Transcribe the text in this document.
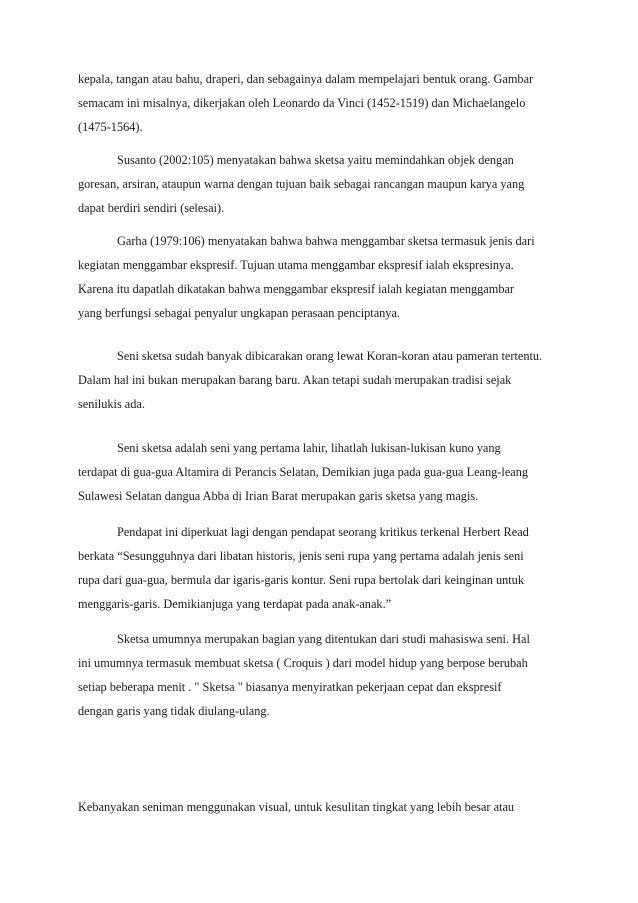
kepala, tangan atau bahu, draperi, dan sebagainya dalam mempelajari bentuk orang. Gambar
semacam ini misalnya, dikerjakan oleh Leonardo da Vinci (1452-1519) dan Michaelangelo
(1475-1564).

Susanto (2002:105) menyatakan bahwa sketsa yaitu memindahkan objek dengan
goresan, arsiran, ataupun warna dengan tujuan baik sebagai rancangan maupun karya yang
dapat berdiri sendiri (selesai).

Garha (1979:106) menyatakan bahwa bahwa menggambar sketsa termasuk jenis dari
kegiatan menggambar ekspresif. Tujuan utama menggambar ekspresif ialah ekspresinya.
Karena itu dapatlah dikatakan bahwa menggambar ekspresif ialah kegiatan menggambar
yang berfungsi sebagai penyalur ungkapan perasaan penciptanya.

Seni sketsa sudah banyak dibicarakan orang lewat Koran-koran atau pameran tertentu.
Dalam hal ini bukan merupakan barang baru. Akan tetapi sudah merupakan tradisi sejak
senilukis ada.

Seni sketsa adalah seni yang pertama lahir, lihatlah lukisan-lukisan kuno yang
terdapat di gua-gua Altamira di Perancis Selatan, Demikian juga pada gua-gua Leang-leang
Sulawesi Selatan dangua Abba di Irian Barat merupakan garis sketsa yang magis.

Pendapat ini diperkuat lagi dengan pendapat seorang kritikus terkenal Herbert Read
berkata “Sesungguhnya dari libatan historis, jenis seni rupa yang pertama adalah jenis seni
rupa dari gua-gua, bermula dar igaris-garis kontur. Seni rupa bertolak dari keinginan untuk
menggaris-garis. Demikianjuga yang terdapat pada anak-anak.”

Sketsa umumnya merupakan bagian yang ditentukan dari studi mahasiswa seni. Hal
ini umumnya termasuk membuat sketsa ( Croquis ) dari model hidup yang berpose berubah
setiap beberapa menit . " Sketsa " biasanya menyiratkan pekerjaan cepat dan ekspresif
dengan garis yang tidak diulang-ulang.

Kebanyakan seniman menggunakan visual, untuk kesulitan tingkat yang lebih besar atau
